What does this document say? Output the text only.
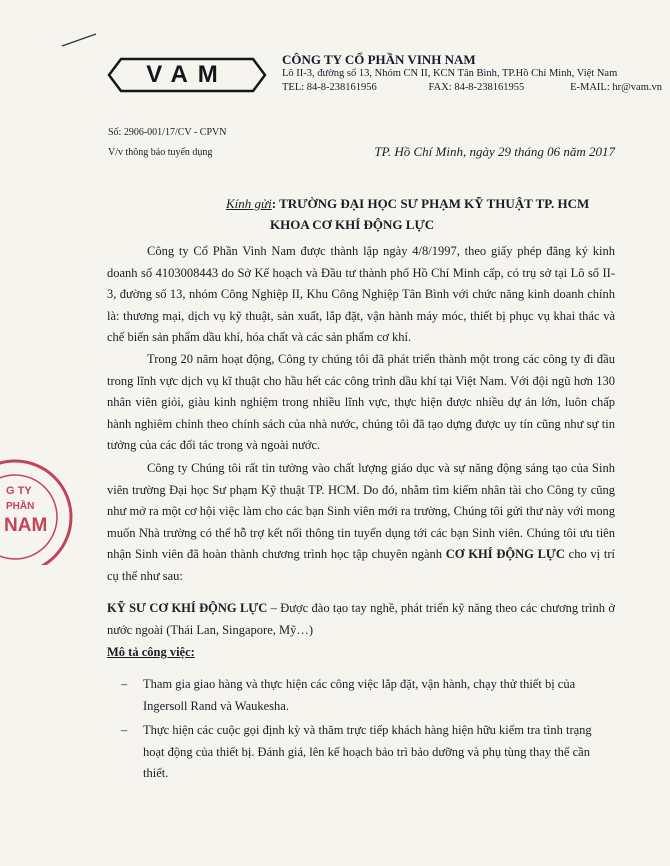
VAM
CÔNG TY CỔ PHẦN VINH NAM
Lô II-3, đường số 13, Nhóm CN II, KCN Tân Bình, TP.Hồ Chí Minh, Việt Nam
TEL: 84-8-238161956	FAX: 84-8-238161955	E-MAIL: hr@vam.vn
Số: 2906-001/17/CV - CPVN
V/v thông báo tuyển dụng	TP. Hồ Chí Minh, ngày 29 tháng 06 năm 2017
Kính gửi: TRƯỜNG ĐẠI HỌC SƯ PHẠM KỸ THUẬT TP. HCM
KHOA CƠ KHÍ ĐỘNG LỰC
Công ty Cổ Phần Vinh Nam được thành lập ngày 4/8/1997, theo giấy phép đăng ký kinh doanh số 4103008443 do Sở Kế hoạch và Đầu tư thành phố Hồ Chí Minh cấp, có trụ sở tại Lô số II-3, đường số 13, nhóm Công Nghiệp II, Khu Công Nghiệp Tân Bình với chức năng kinh doanh chính là: thương mại, dịch vụ kỹ thuật, sản xuất, lắp đặt, vận hành máy móc, thiết bị phục vụ khai thác và chế biến sản phẩm dầu khí, hóa chất và các sản phẩm cơ khí.
Trong 20 năm hoạt động, Công ty chúng tôi đã phát triển thành một trong các công ty đi đầu trong lĩnh vực dịch vụ kĩ thuật cho hầu hết các công trình dầu khí tại Việt Nam. Với đội ngũ hơn 130 nhân viên giỏi, giàu kinh nghiệm trong nhiều lĩnh vực, thực hiện được nhiều dự án lớn, luôn chấp hành nghiêm chỉnh theo chính sách của nhà nước, chúng tôi đã tạo dựng được uy tín cũng như sự tin tưởng của các đối tác trong và ngoài nước.
Công ty Chúng tôi rất tin tưởng vào chất lượng giáo dục và sự năng động sáng tạo của Sinh viên trường Đại học Sư phạm Kỹ thuật TP. HCM. Do đó, nhằm tìm kiếm nhân tài cho Công ty cũng như mở ra một cơ hội việc làm cho các bạn Sinh viên mới ra trường, Chúng tôi gửi thư này với mong muốn Nhà trường có thể hỗ trợ kết nối thông tin tuyển dụng tới các bạn Sinh viên. Chúng tôi ưu tiên nhận Sinh viên đã hoàn thành chương trình học tập chuyên ngành CƠ KHÍ ĐỘNG LỰC cho vị trí cụ thể như sau:
KỸ SƯ CƠ KHÍ ĐỘNG LỰC – Được đào tạo tay nghề, phát triển kỹ năng theo các chương trình ở nước ngoài (Thái Lan, Singapore, Mỹ…)
Mô tả công việc:
– Tham gia giao hàng và thực hiện các công việc lắp đặt, vận hành, chạy thử thiết bị của Ingersoll Rand và Waukesha.
– Thực hiện các cuộc gọi định kỳ và thăm trực tiếp khách hàng hiện hữu kiểm tra tình trạng hoạt động của thiết bị. Đánh giá, lên kế hoạch bảo trì bảo dưỡng và phụ tùng thay thế cần thiết.
G TY
PHẦN
NAM
